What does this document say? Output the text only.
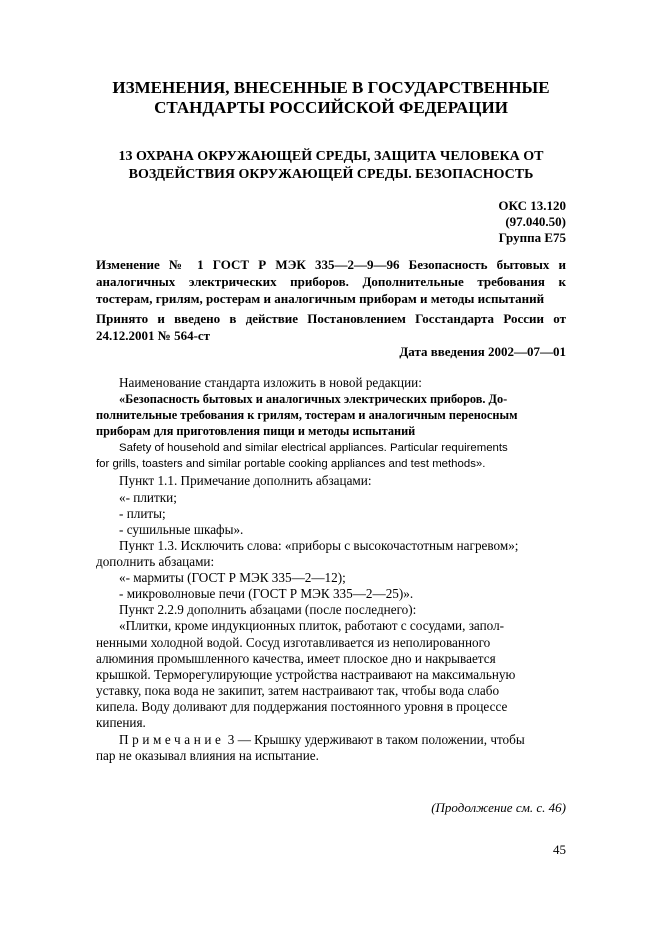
ИЗМЕНЕНИЯ, ВНЕСЕННЫЕ В ГОСУДАРСТВЕННЫЕ
СТАНДАРТЫ РОССИЙСКОЙ ФЕДЕРАЦИИ
13 ОХРАНА ОКРУЖАЮЩЕЙ СРЕДЫ, ЗАЩИТА ЧЕЛОВЕКА ОТ
ВОЗДЕЙСТВИЯ ОКРУЖАЮЩЕЙ СРЕДЫ. БЕЗОПАСНОСТЬ
ОКС 13.120
(97.040.50)
Группа Е75
Изменение № 1 ГОСТ Р МЭК 335—2—9—96 Безопасность бытовых и аналогичных электрических приборов. Дополнительные требования к тостерам, грилям, ростерам и аналогичным приборам и методы испытаний
Принято и введено в действие Постановлением Госстандарта России от 24.12.2001 № 564-ст
Дата введения 2002—07—01
Наименование стандарта изложить в новой редакции:
«Безопасность бытовых и аналогичных электрических приборов. До-
полнительные требования к грилям, тостерам и аналогичным переносным
приборам для приготовления пищи и методы испытаний
Safety of household and similar electrical appliances. Particular requirements
for grills, toasters and similar portable cooking appliances and test methods».
Пункт 1.1. Примечание дополнить абзацами:
«- плитки;
- плиты;
- сушильные шкафы».
Пункт 1.3. Исключить слова: «приборы с высокочастотным нагревом»;
дополнить абзацами:
«- мармиты (ГОСТ Р МЭК 335—2—12);
- микроволновые печи (ГОСТ Р МЭК 335—2—25)».
Пункт 2.2.9 дополнить абзацами (после последнего):
«Плитки, кроме индукционных плиток, работают с сосудами, запол-
ненными холодной водой. Сосуд изготавливается из неполированного
алюминия промышленного качества, имеет плоское дно и накрывается
крышкой. Терморегулирующие устройства настраивают на максимальную
уставку, пока вода не закипит, затем настраивают так, чтобы вода слабо
кипела. Воду доливают для поддержания постоянного уровня в процессе
кипения.
Примечание 3 — Крышку удерживают в таком положении, чтобы
пар не оказывал влияния на испытание.
(Продолжение см. с. 46)
45
